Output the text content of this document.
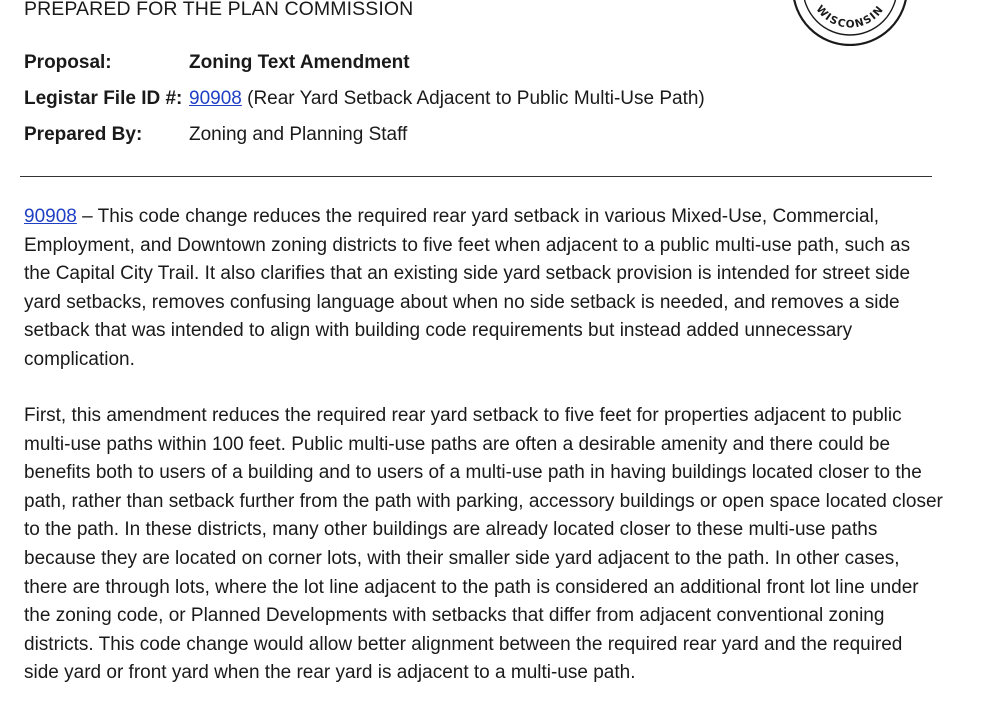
PREPARED FOR THE PLAN COMMISSION	WISCONSIN
Proposal:	Zoning Text Amendment
Legistar File ID #: 90908 (Rear Yard Setback Adjacent to Public Multi-Use Path)
Prepared By: Zoning and Planning Staff
90908 – This code change reduces the required rear yard setback in various Mixed-Use, Commercial,
Employment, and Downtown zoning districts to five feet when adjacent to a public multi-use path, such as
the Capital City Trail. It also clarifies that an existing side yard setback provision is intended for street side
yard setbacks, removes confusing language about when no side setback is needed, and removes a side
setback that was intended to align with building code requirements but instead added unnecessary
complication.
First, this amendment reduces the required rear yard setback to five feet for properties adjacent to public
multi-use paths within 100 feet. Public multi-use paths are often a desirable amenity and there could be
benefits both to users of a building and to users of a multi-use path in having buildings located closer to the
path, rather than setback further from the path with parking, accessory buildings or open space located closer
to the path. In these districts, many other buildings are already located closer to these multi-use paths
because they are located on corner lots, with their smaller side yard adjacent to the path. In other cases,
there are through lots, where the lot line adjacent to the path is considered an additional front lot line under
the zoning code, or Planned Developments with setbacks that differ from adjacent conventional zoning
districts. This code change would allow better alignment between the required rear yard and the required
side yard or front yard when the rear yard is adjacent to a multi-use path.
